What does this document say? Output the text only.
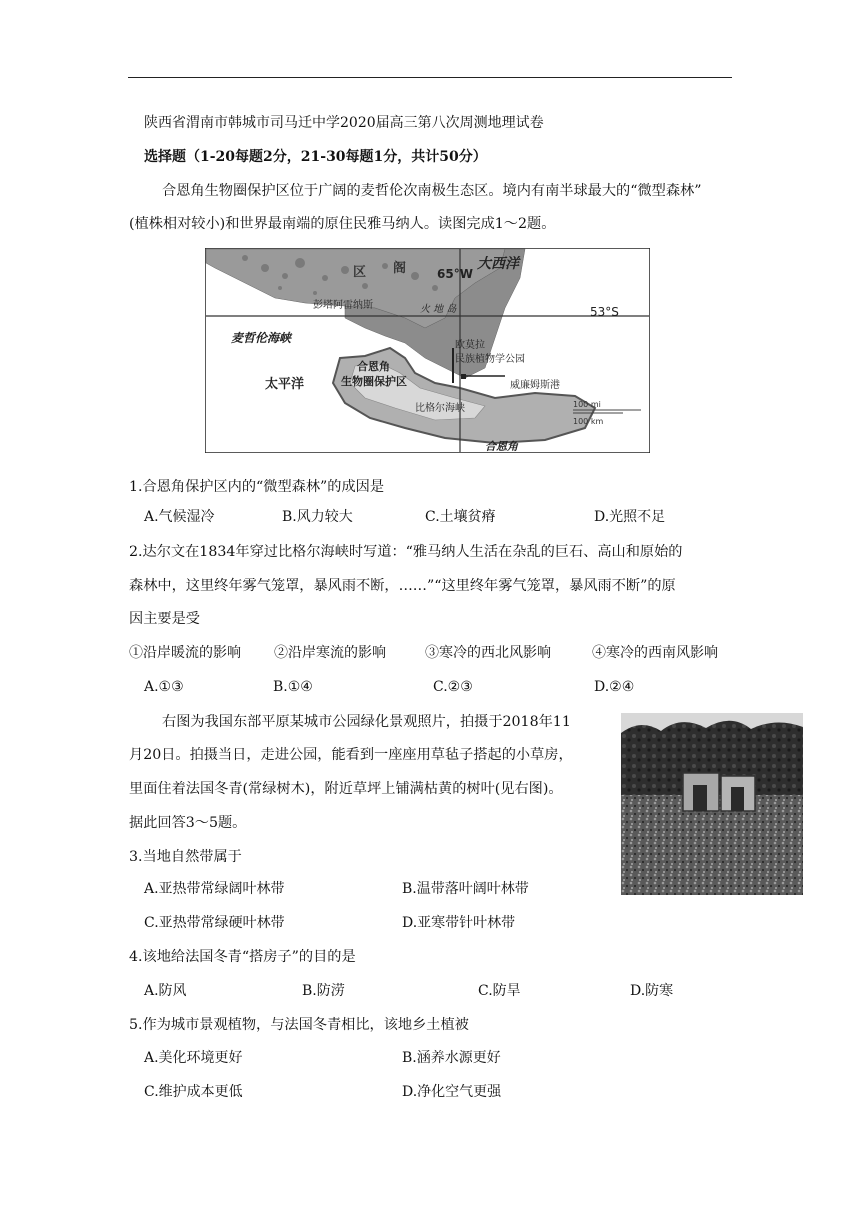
陕西省渭南市韩城市司马迁中学2020届高三第八次周测地理试卷
选择题（1-20每题2分，21-30每题1分，共计50分）
合恩角生物圈保护区位于广阔的麦哲伦次南极生态区。境内有南半球最大的“微型森林”
(植株相对较小)和世界最南端的原住民雅马纳人。读图完成1～2题。
区 阁	大西洋
65°W
53°S
彭塔阿雷纳斯	火 地 岛
麦哲伦海峡
太平洋
合恩角
生物圈保护区
欧莫拉
民族植物学公园
威廉姆斯港
比格尔海峡
合恩角
100 mi
100 km
1.合恩角保护区内的“微型森林”的成因是
A.气候湿冷	B.风力较大	C.土壤贫瘠	D.光照不足
2.达尔文在1834年穿过比格尔海峡时写道：“雅马纳人生活在杂乱的巨石、高山和原始的
森林中，这里终年雾气笼罩，暴风雨不断，……”“这里终年雾气笼罩，暴风雨不断”的原
因主要是受
①沿岸暖流的影响 ②沿岸寒流的影响	③寒冷的西北风影响	④寒冷的西南风影响
A.①③	B.①④	C.②③	D.②④
右图为我国东部平原某城市公园绿化景观照片，拍摄于2018年11
月20日。拍摄当日，走进公园，能看到一座座用草毡子搭起的小草房，
里面住着法国冬青(常绿树木)，附近草坪上铺满枯黄的树叶(见右图)。
据此回答3～5题。
3.当地自然带属于
A.亚热带常绿阔叶林带	B.温带落叶阔叶林带
C.亚热带常绿硬叶林带	D.亚寒带针叶林带
4.该地给法国冬青“搭房子”的目的是
A.防风	B.防涝	C.防旱	D.防寒
5.作为城市景观植物，与法国冬青相比，该地乡土植被
A.美化环境更好	B.涵养水源更好
C.维护成本更低	D.净化空气更强
